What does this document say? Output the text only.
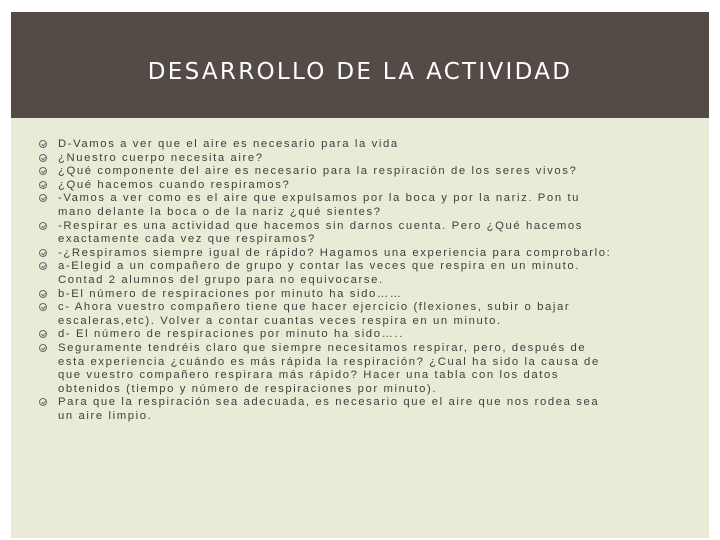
DESARROLLO DE LA ACTIVIDAD
D-Vamos a ver que el aire es necesario para la vida
¿Nuestro cuerpo necesita aire?
¿Qué componente del aire es necesario para la respiración de los seres vivos?
¿Qué hacemos cuando respiramos?
-Vamos a ver como es el aire que expulsamos por la boca y por la nariz. Pon tu
mano delante la boca o de la nariz ¿qué sientes?
-Respirar es una actividad que hacemos sin darnos cuenta. Pero ¿Qué hacemos
exactamente cada vez que respiramos?
-¿Respiramos siempre igual de rápido? Hagamos una experiencia para comprobarlo:
a-Elegid a un compañero de grupo y contar las veces que respira en un minuto.
Contad 2 alumnos del grupo para no equivocarse.
b-El número de respiraciones por minuto ha sido……
c- Ahora vuestro compañero tiene que hacer ejercicio (flexiones, subir o bajar
escaleras,etc). Volver a contar cuantas veces respira en un minuto.
d- El número de respiraciones por minuto ha sido…..
Seguramente tendréis claro que siempre necesitamos respirar, pero, después de
esta experiencia ¿cuándo es más rápida la respiración? ¿Cual ha sido la causa de
que vuestro compañero respirara más rápido? Hacer una tabla con los datos
obtenidos (tiempo y número de respiraciones por minuto).
Para que la respiración sea adecuada, es necesario que el aire que nos rodea sea
un aire limpio.
